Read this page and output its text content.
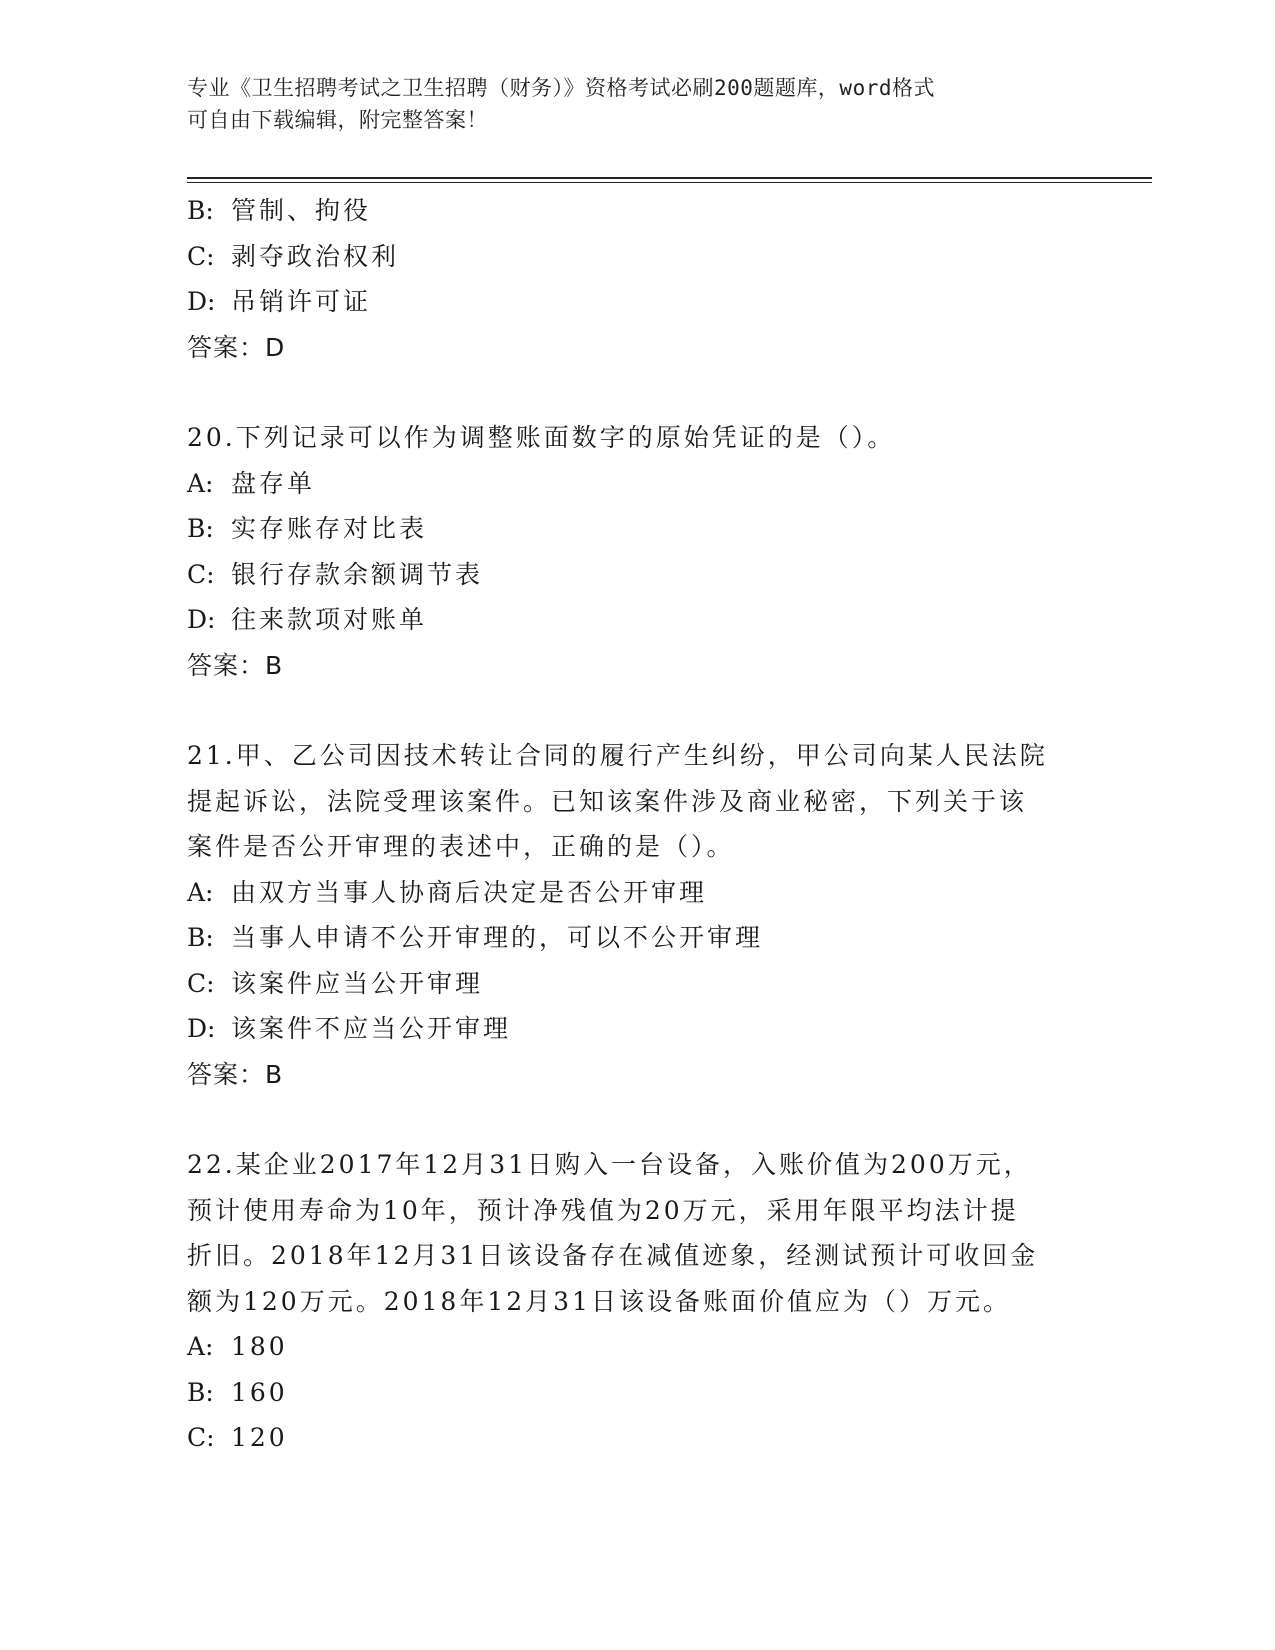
专业《卫生招聘考试之卫生招聘（财务）》资格考试必刷200题题库，word格式
可自由下载编辑，附完整答案！
B: 管制、拘役
C: 剥夺政治权利
D: 吊销许可证
答案：D
20.下列记录可以作为调整账面数字的原始凭证的是（）。
A: 盘存单
B: 实存账存对比表
C: 银行存款余额调节表
D: 往来款项对账单
答案：B
21.甲、乙公司因技术转让合同的履行产生纠纷，甲公司向某人民法院
提起诉讼，法院受理该案件。已知该案件涉及商业秘密，下列关于该
案件是否公开审理的表述中，正确的是（）。
A: 由双方当事人协商后决定是否公开审理
B: 当事人申请不公开审理的，可以不公开审理
C: 该案件应当公开审理
D: 该案件不应当公开审理
答案：B
22.某企业2017年12月31日购入一台设备，入账价值为200万元，
预计使用寿命为10年，预计净残值为20万元，采用年限平均法计提
折旧。2018年12月31日该设备存在减值迹象，经测试预计可收回金
额为120万元。2018年12月31日该设备账面价值应为（）万元。
A: 180
B: 160
C: 120
